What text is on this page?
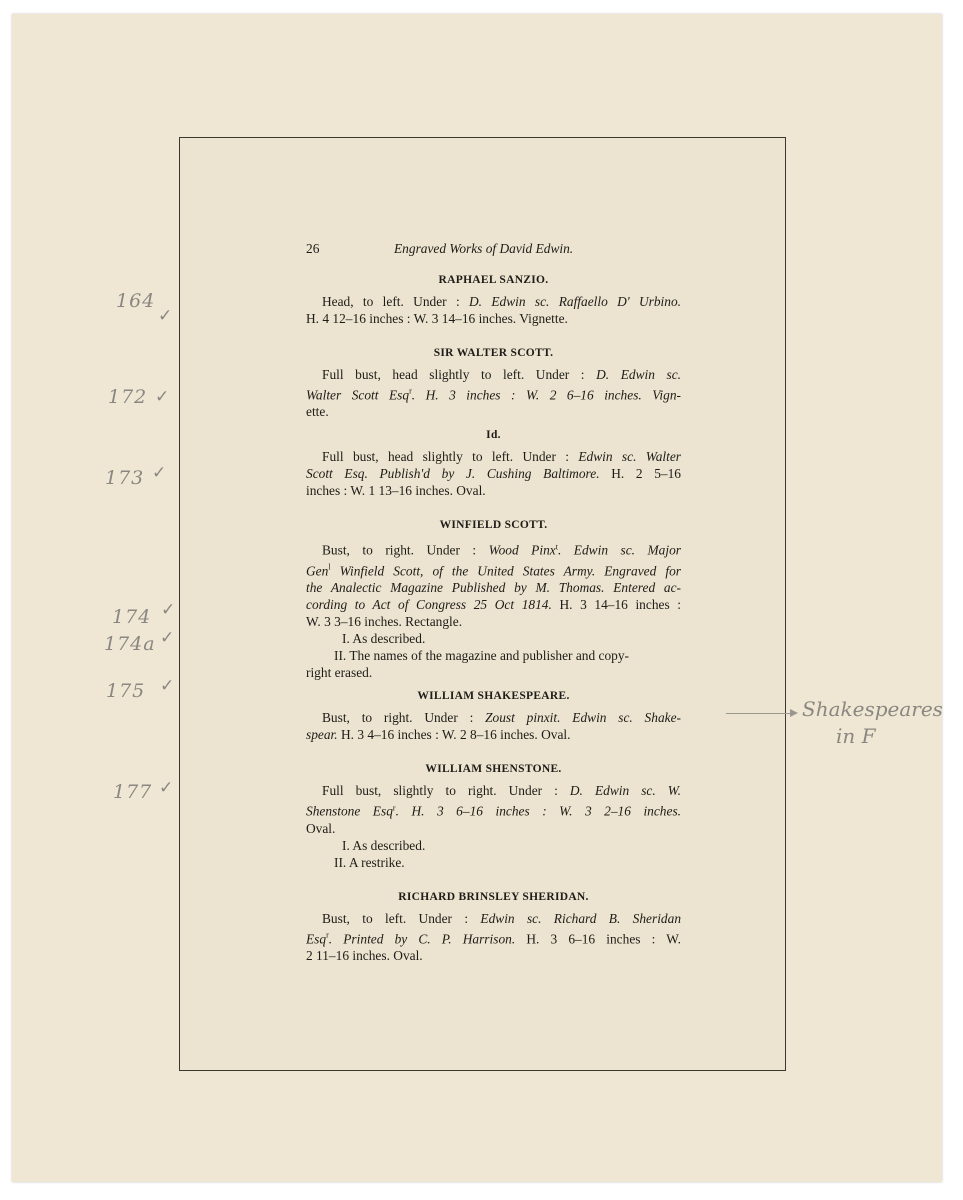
26	Engraved Works of David Edwin.
RAPHAEL SANZIO.
Head, to left. Under : D. Edwin sc. Raffaello D' Urbino.
H. 4 12–16 inches : W. 3 14–16 inches. Vignette.
SIR WALTER SCOTT.
Full bust, head slightly to left. Under : D. Edwin sc.
Walter Scott Esq$^r$. H. 3 inches : W. 2 6–16 inches. Vign-
ette.
Id.
Full bust, head slightly to left. Under : Edwin sc. Walter
Scott Esq. Publish'd by J. Cushing Baltimore. H. 2 5–16
inches : W. 1 13–16 inches. Oval.
WINFIELD SCOTT.
Bust, to right. Under : Wood Pinx$^t$. Edwin sc. Major
Gen$^l$ Winfield Scott, of the United States Army. Engraved for
the Analectic Magazine Published by M. Thomas. Entered ac-
cording to Act of Congress 25 Oct 1814. H. 3 14–16 inches :
W. 3 3–16 inches. Rectangle.
I. As described.
II. The names of the magazine and publisher and copy-
right erased.
WILLIAM SHAKESPEARE.
Bust, to right. Under : Zoust pinxit. Edwin sc. Shake-
spear. H. 3 4–16 inches : W. 2 8–16 inches. Oval.
WILLIAM SHENSTONE.
Full bust, slightly to right. Under : D. Edwin sc. W.
Shenstone Esq$^r$. H. 3 6–16 inches : W. 3 2–16 inches.
Oval.
I. As described.
II. A restrike.
RICHARD BRINSLEY SHERIDAN.
Bust, to left. Under : Edwin sc. Richard B. Sheridan
Esq$^r$. Printed by C. P. Harrison. H. 3 6–16 inches : W.
2 11–16 inches. Oval.
164
✓
172 ✓
173 ✓
174 ✓
174a ✓
175 ✓
177 ✓
Shakespeares
in F
